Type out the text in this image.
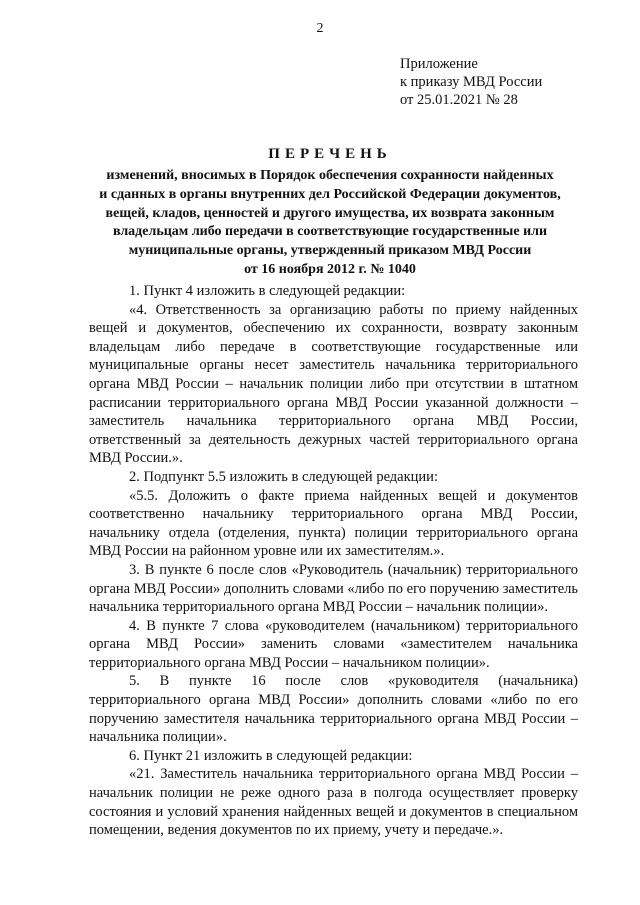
2
Приложение
к приказу МВД России
от 25.01.2021 № 28
ПЕРЕЧЕНЬ

изменений, вносимых в Порядок обеспечения сохранности найденных

и сданных в органы внутренних дел Российской Федерации документов,

вещей, кладов, ценностей и другого имущества, их возврата законным

владельцам либо передачи в соответствующие государственные или

муниципальные органы, утвержденный приказом МВД России

от 16 ноября 2012 г. № 1040

1. Пункт 4 изложить в следующей редакции:

«4. Ответственность за организацию работы по приему найденных вещей и документов, обеспечению их сохранности, возврату законным владельцам либо передаче в соответствующие государственные или муниципальные органы несет заместитель начальника территориального органа МВД России – начальник полиции либо при отсутствии в штатном расписании территориального органа МВД России указанной должности – заместитель начальника территориального органа МВД России, ответственный за деятельность дежурных частей территориального органа МВД России.».

2. Подпункт 5.5 изложить в следующей редакции:

«5.5. Доложить о факте приема найденных вещей и документов соответственно начальнику территориального органа МВД России, начальнику отдела (отделения, пункта) полиции территориального органа МВД России на районном уровне или их заместителям.».

3. В пункте 6 после слов «Руководитель (начальник) территориального органа МВД России» дополнить словами «либо по его поручению заместитель начальника территориального органа МВД России – начальник полиции».

4. В пункте 7 слова «руководителем (начальником) территориального органа МВД России» заменить словами «заместителем начальника территориального органа МВД России – начальником полиции».

5. В пункте 16 после слов «руководителя (начальника) территориального органа МВД России» дополнить словами «либо по его поручению заместителя начальника территориального органа МВД России – начальника полиции».

6. Пункт 21 изложить в следующей редакции:

«21. Заместитель начальника территориального органа МВД России – начальник полиции не реже одного раза в полгода осуществляет проверку состояния и условий хранения найденных вещей и документов в специальном помещении, ведения документов по их приему, учету и передаче.».
